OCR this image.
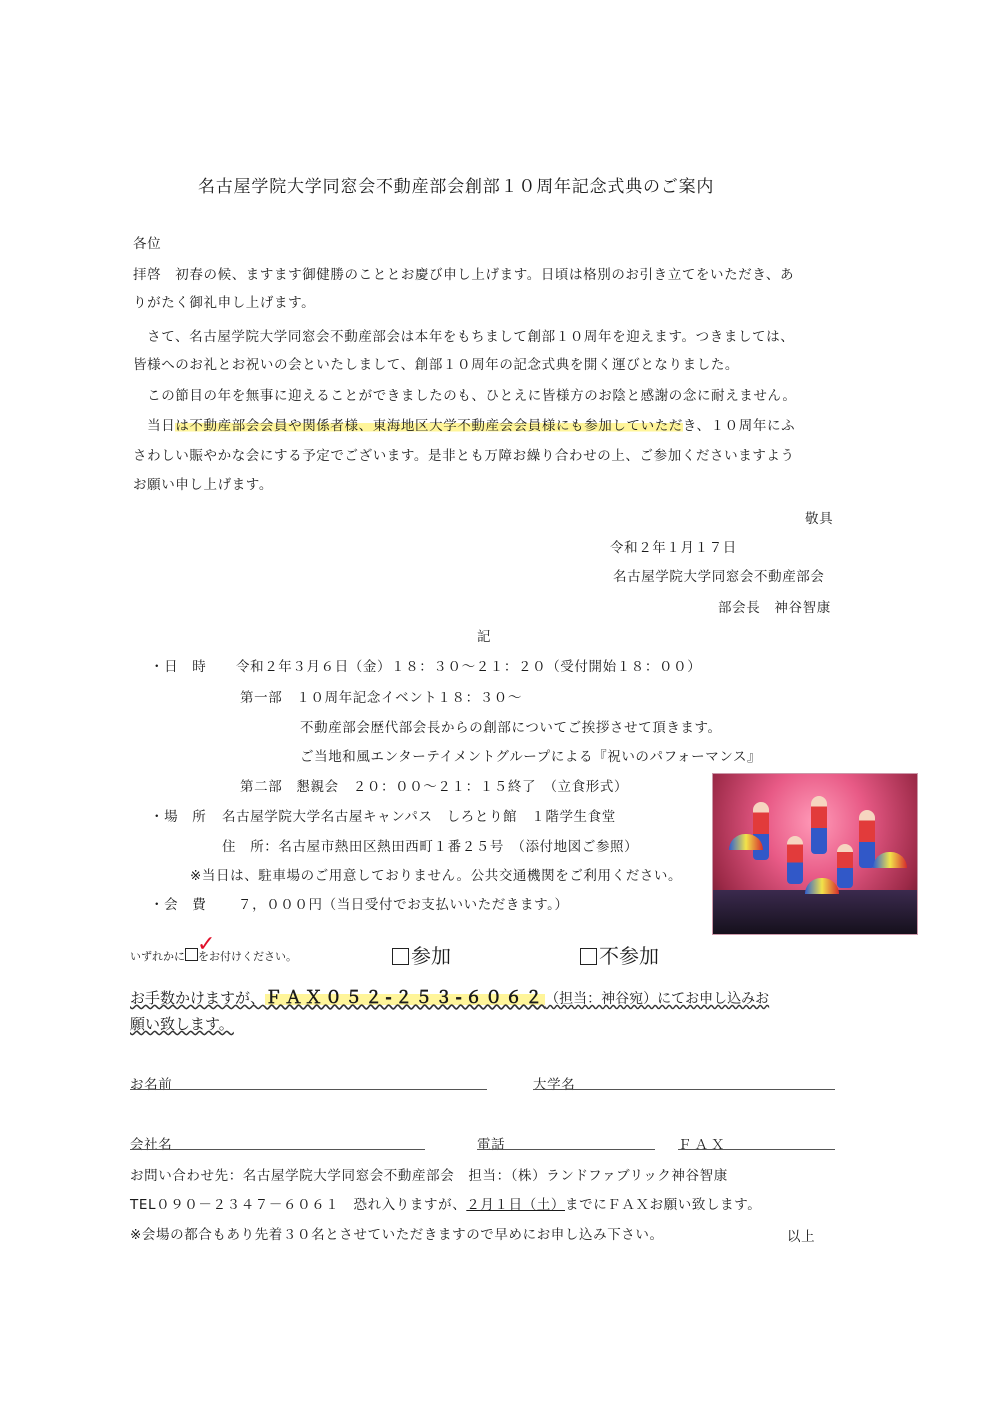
名古屋学院大学同窓会不動産部会創部１０周年記念式典のご案内
各位
拝啓　初春の候、ますます御健勝のこととお慶び申し上げます。日頃は格別のお引き立てをいただき、あ
りがたく御礼申し上げます。
　さて、名古屋学院大学同窓会不動産部会は本年をもちまして創部１０周年を迎えます。つきましては、
皆様へのお礼とお祝いの会といたしまして、創部１０周年の記念式典を開く運びとなりました。
　この節目の年を無事に迎えることができましたのも、ひとえに皆様方のお陰と感謝の念に耐えません。
　当日は不動産部会会員や関係者様、東海地区大学不動産会会員様にも参加していただき、１０周年にふ
さわしい賑やかな会にする予定でございます。是非とも万障お繰り合わせの上、ご参加くださいますよう
お願い申し上げます。
敬具
令和２年１月１７日
名古屋学院大学同窓会不動産部会
部会長　神谷智康
記
・日　時 令和２年３月６日（金）１８：３０～２１：２０（受付開始１８：００）
第一部　１０周年記念イベント１８：３０～
不動産部会歴代部会長からの創部についてご挨拶させて頂きます。
ご当地和風エンターテイメントグループによる『祝いのパフォーマンス』
第二部　懇親会　２０：００～２１：１５終了　（立食形式）
・場　所 名古屋学院大学名古屋キャンパス　しろとり館　１階学生食堂
住　所：名古屋市熱田区熱田西町１番２５号　（添付地図ご参照）
※当日は、駐車場のご用意しておりません。公共交通機関をご利用ください。
・会　費 ７，０００円（当日受付でお支払いいただきます。）
いずれかに をお付けください。
✓	参加	不参加
お手数かけますが、ＦＡＸ０５２-２５３-６０６２（担当：神谷宛）にてお申し込みお
願い致します。
お名前	大学名
会社名	電話	ＦＡＸ
お問い合わせ先：名古屋学院大学同窓会不動産部会　担当：（株）ランドファブリック神谷智康
TEL０９０－２３４７－６０６１　恐れ入りますが、２月１日（土）までにＦＡＸお願い致します。
※会場の都合もあり先着３０名とさせていただきますので早めにお申し込み下さい。	以上
